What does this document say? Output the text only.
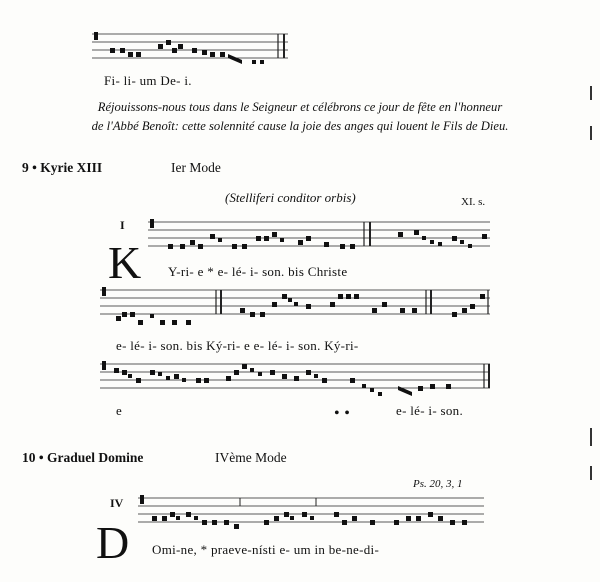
Fi- li- um De- i.
Réjouissons-nous tous dans le Seigneur et célébrons ce jour de fête en l'honneur
de l'Abbé Benoît: cette solennité cause la joie des anges qui louent le Fils de Dieu.
9 • Kyrie XIII	Ier Mode
(Stelliferi conditor orbis)	XI. s.
I
K Y-ri- e * e- lé- i- son. bis Christe
e- lé- i- son. bis Ký-ri- e e- lé- i- son. Ký-ri-
e	• •	e- lé- i- son.
10 • Graduel Domine	IVème Mode
Ps. 20, 3, 1
IV
D Omi-ne, * praeve-nísti e- um in be-ne-di-
